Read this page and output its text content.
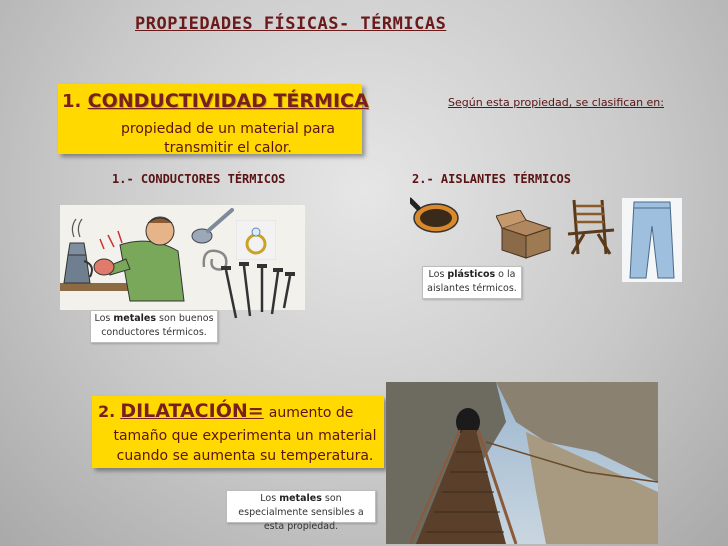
PROPIEDADES FÍSICAS- TÉRMICAS
1. CONDUCTIVIDAD TÉRMICA
propiedad de un material para
transmitir el calor.
Según esta propiedad, se clasifican en:
1.- CONDUCTORES TÉRMICOS	2.- AISLANTES TÉRMICOS
Los metales son buenos conductores térmicos.
Los plásticos o la aislantes térmicos.
2. DILATACIÓN= aumento de
tamaño que experimenta un material
cuando se aumenta su temperatura.
Los metales son especialmente sensibles a esta propiedad.
